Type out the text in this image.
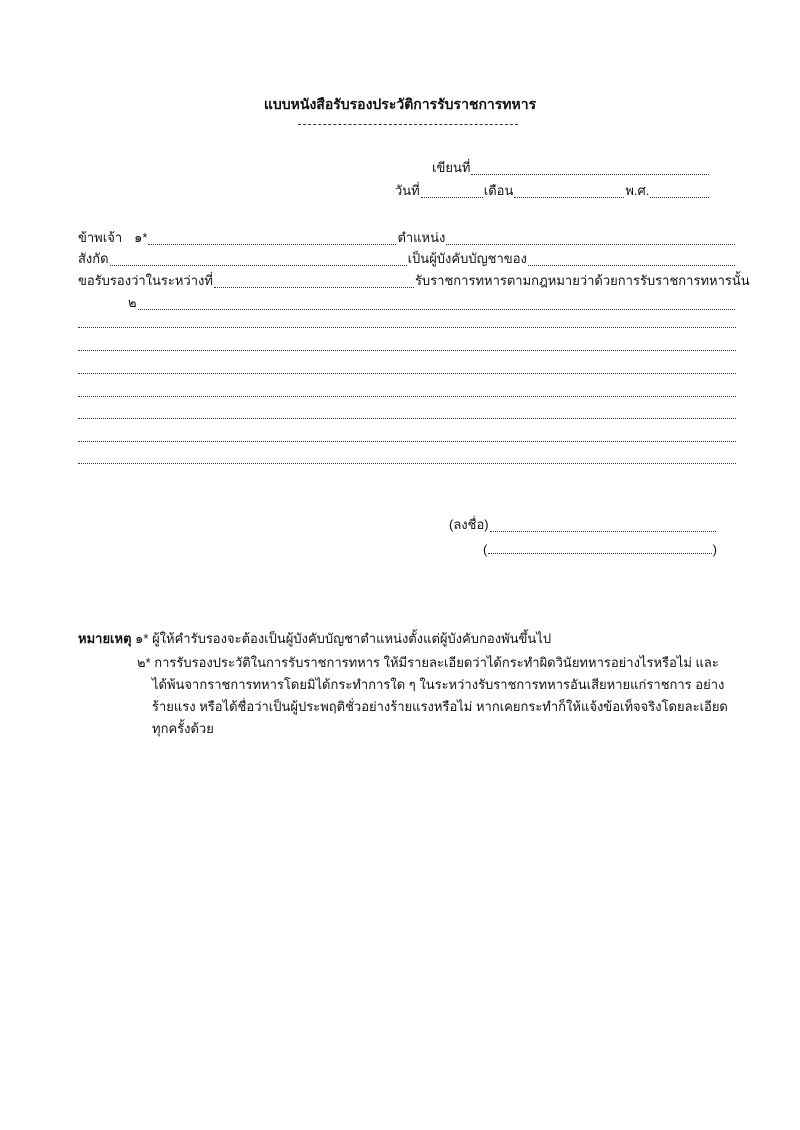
แบบหนังสือรับรองประวัติการรับราชการทหาร
เขียนที่
วันที่	เดือน	พ.ศ.
ข้าพเจ้า ๑*	ตำแหน่ง
สังกัด	เป็นผู้บังคับบัญชาของ
ขอรับรองว่าในระหว่างที่	รับราชการทหารตามกฎหมายว่าด้วยการรับราชการทหารนั้น
๒
(ลงชื่อ)
(	)
หมายเหตุ ๑* ผู้ให้คำรับรองจะต้องเป็นผู้บังคับบัญชาตำแหน่งตั้งแต่ผู้บังคับกองพันขึ้นไป
๒* การรับรองประวัติในการรับราชการทหาร ให้มีรายละเอียดว่าได้กระทำผิดวินัยทหารอย่างไรหรือไม่ และ
ได้พ้นจากราชการทหารโดยมิได้กระทำการใด ๆ ในระหว่างรับราชการทหารอันเสียหายแก่ราชการ อย่าง
ร้ายแรง หรือได้ชื่อว่าเป็นผู้ประพฤติชั่วอย่างร้ายแรงหรือไม่ หากเคยกระทำก็ให้แจ้งข้อเท็จจริงโดยละเอียด
ทุกครั้งด้วย
